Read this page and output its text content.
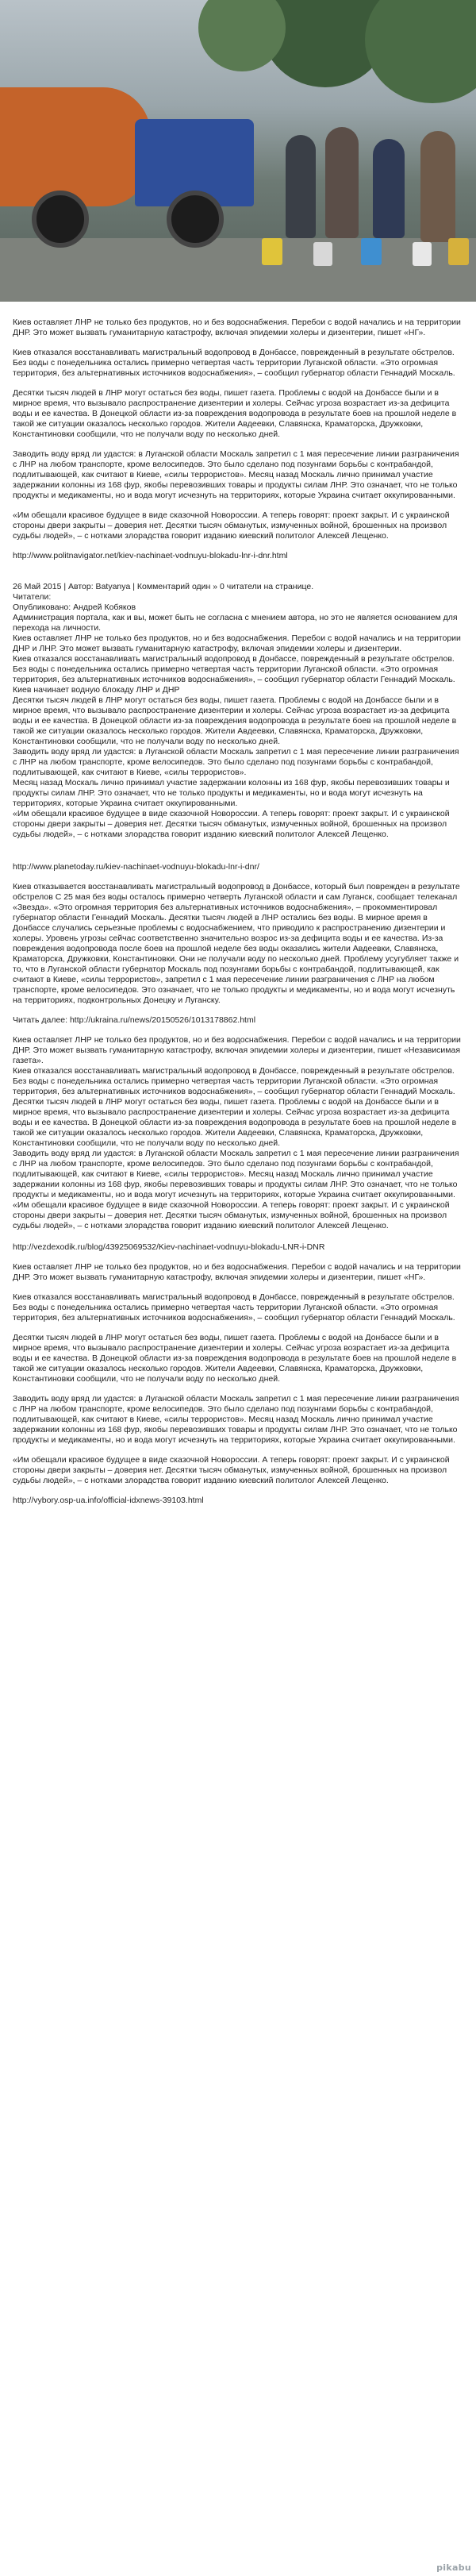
Киев оставляет ЛНР не только без продуктов, но и без водоснабжения. Перебои с водой начались и на территории ДНР. Это может вызвать гуманитарную катастрофу, включая эпидемии холеры и дизентерии, пишет «НГ».

Киев отказался восстанавливать магистральный водопровод в Донбассе, поврежденный в результате обстрелов. Без воды с понедельника остались примерно четвертая часть территории Луганской области. «Это огромная территория, без альтернативных источников водоснабжения», – сообщил губернатор области Геннадий Москаль.

Десятки тысяч людей в ЛНР могут остаться без воды, пишет газета. Проблемы с водой на Донбассе были и в мирное время, что вызывало распространение дизентерии и холеры. Сейчас угроза возрастает из-за дефицита воды и ее качества. В Донецкой области из-за повреждения водопровода в результате боев на прошлой неделе в такой же ситуации оказалось несколько городов. Жители Авдеевки, Славянска, Краматорска, Дружковки, Константиновки сообщили, что не получали воду по несколько дней.

Заводить воду вряд ли удастся: в Луганской области Москаль запретил с 1 мая пересечение линии разграничения с ЛНР на любом транспорте, кроме велосипедов. Это было сделано под позунгами борьбы с контрабандой, подлитывающей, как считают в Киеве, «силы террористов». Месяц назад Москаль лично принимал участие задержании колонны из 168 фур, якобы перевозивших товары и продукты силам ЛНР. Это означает, что не только продукты и медикаменты, но и вода могут исчезнуть на территориях, которые Украина считает оккупированными.

«Им обещали красивое будущее в виде сказочной Новороссии. А теперь говорят: проект закрыт. И с украинской стороны двери закрыты – доверия нет. Десятки тысяч обманутых, измученных войной, брошенных на произвол судьбы людей», – с нотками злорадства говорит изданию киевский политолог Алексей Лещенко.

http://www.politnavigator.net/kiev-nachinaet-vodnuyu-blokadu-lnr-i-dnr.html

26 Май 2015 | Автор: Batyanya | Комментарий один » 0 читатели на странице.

Читатели:

Опубликовано: Андрей Кобяков

Администрация портала, как и вы, может быть не согласна с мнением автора, но это не является основанием для перехода на личности.

Киев оставляет ЛНР не только без продуктов, но и без водоснабжения. Перебои с водой начались и на территории ДНР и ЛНР. Это может вызвать гуманитарную катастрофу, включая эпидемии холеры и дизентерии.

Киев отказался восстанавливать магистральный водопровод в Донбассе, поврежденный в результате обстрелов. Без воды с понедельника остались примерно четвертая часть территории Луганской области. «Это огромная территория, без альтернативных источников водоснабжения», – сообщил губернатор области Геннадий Москаль.

Киев начинает водную блокаду ЛНР и ДНР

Десятки тысяч людей в ЛНР могут остаться без воды, пишет газета. Проблемы с водой на Донбассе были и в мирное время, что вызывало распространение дизентерии и холеры. Сейчас угроза возрастает из-за дефицита воды и ее качества. В Донецкой области из-за повреждения водопровода в результате боев на прошлой неделе в такой же ситуации оказалось несколько городов. Жители Авдеевки, Славянска, Краматорска, Дружковки, Константиновки сообщили, что не получали воду по несколько дней.

Заводить воду вряд ли удастся: в Луганской области Москаль запретил с 1 мая пересечение линии разграничения с ЛНР на любом транспорте, кроме велосипедов. Это было сделано под позунгами борьбы с контрабандой, подлитывающей, как считают в Киеве, «силы террористов».

Месяц назад Москаль лично принимал участие задержании колонны из 168 фур, якобы перевозивших товары и продукты силам ЛНР. Это означает, что не только продукты и медикаменты, но и вода могут исчезнуть на территориях, которые Украина считает оккупированными.

«Им обещали красивое будущее в виде сказочной Новороссии. А теперь говорят: проект закрыт. И с украинской стороны двери закрыты – доверия нет. Десятки тысяч обманутых, измученных войной, брошенных на произвол судьбы людей», – с нотками злорадства говорит изданию киевский политолог Алексей Лещенко.

http://www.planetoday.ru/kiev-nachinaet-vodnuyu-blokadu-lnr-i-dnr/

Киев отказывается восстанавливать магистральный водопровод в Донбассе, который был поврежден в результате обстрелов С 25 мая без воды осталось примерно четверть Луганской области и сам Луганск, сообщает телеканал «Звезда». «Это огромная территория без альтернативных источников водоснабжения», – прокомментировал губернатор области Геннадий Москаль. Десятки тысяч людей в ЛНР остались без воды. В мирное время в Донбассе случались серьезные проблемы с водоснабжением, что приводило к распространению дизентерии и холеры. Уровень угрозы сейчас соответственно значительно возрос из-за дефицита воды и ее качества. Из-за повреждения водопровода после боев на прошлой неделе без воды оказались жители Авдеевки, Славянска, Краматорска, Дружковки, Константиновки. Они не получали воду по несколько дней. Проблему усугубляет также и то, что в Луганской области губернатор Москаль под позунгами борьбы с контрабандой, подлитывающей, как считают в Киеве, «силы террористов», запретил с 1 мая пересечение линии разграничения с ЛНР на любом транспорте, кроме велосипедов. Это означает, что не только продукты и медикаменты, но и вода могут исчезнуть на территориях, подконтрольных Донецку и Луганску.

Читать далее: http://ukraina.ru/news/20150526/1013178862.html

Киев оставляет ЛНР не только без продуктов, но и без водоснабжения. Перебои с водой начались и на территории ДНР. Это может вызвать гуманитарную катастрофу, включая эпидемии холеры и дизентерии, пишет «Независимая газета».

Киев отказался восстанавливать магистральный водопровод в Донбассе, поврежденный в результате обстрелов. Без воды с понедельника остались примерно четвертая часть территории Луганской области. «Это огромная территория, без альтернативных источников водоснабжения», – сообщил губернатор области Геннадий Москаль.

Десятки тысяч людей в ЛНР могут остаться без воды, пишет газета. Проблемы с водой на Донбассе были и в мирное время, что вызывало распространение дизентерии и холеры. Сейчас угроза возрастает из-за дефицита воды и ее качества. В Донецкой области из-за повреждения водопровода в результате боев на прошлой неделе в такой же ситуации оказалось несколько городов. Жители Авдеевки, Славянска, Краматорска, Дружковки, Константиновки сообщили, что не получали воду по несколько дней.

Заводить воду вряд ли удастся: в Луганской области Москаль запретил с 1 мая пересечение линии разграничения с ЛНР на любом транспорте, кроме велосипедов. Это было сделано под позунгами борьбы с контрабандой, подлитывающей, как считают в Киеве, «силы террористов». Месяц назад Москаль лично принимал участие задержании колонны из 168 фур, якобы перевозивших товары и продукты силам ЛНР. Это означает, что не только продукты и медикаменты, но и вода могут исчезнуть на территориях, которые Украина считает оккупированными.

«Им обещали красивое будущее в виде сказочной Новороссии. А теперь говорят: проект закрыт. И с украинской стороны двери закрыты – доверия нет. Десятки тысяч обманутых, измученных войной, брошенных на произвол судьбы людей», – с нотками злорадства говорит изданию киевский политолог Алексей Лещенко.

http://vezdexodik.ru/blog/43925069532/Kiev-nachinaet-vodnuyu-blokadu-LNR-i-DNR

Киев оставляет ЛНР не только без продуктов, но и без водоснабжения. Перебои с водой начались и на территории ДНР. Это может вызвать гуманитарную катастрофу, включая эпидемии холеры и дизентерии, пишет «НГ».

Киев отказался восстанавливать магистральный водопровод в Донбассе, поврежденный в результате обстрелов. Без воды с понедельника остались примерно четвертая часть территории Луганской области. «Это огромная территория, без альтернативных источников водоснабжения», – сообщил губернатор области Геннадий Москаль.

Десятки тысяч людей в ЛНР могут остаться без воды, пишет газета. Проблемы с водой на Донбассе были и в мирное время, что вызывало распространение дизентерии и холеры. Сейчас угроза возрастает из-за дефицита воды и ее качества. В Донецкой области из-за повреждения водопровода в результате боев на прошлой неделе в такой же ситуации оказалось несколько городов. Жители Авдеевки, Славянска, Краматорска, Дружковки, Константиновки сообщили, что не получали воду по несколько дней.

Заводить воду вряд ли удастся: в Луганской области Москаль запретил с 1 мая пересечение линии разграничения с ЛНР на любом транспорте, кроме велосипедов. Это было сделано под позунгами борьбы с контрабандой, подлитывающей, как считают в Киеве, «силы террористов». Месяц назад Москаль лично принимал участие задержании колонны из 168 фур, якобы перевозивших товары и продукты силам ЛНР. Это означает, что не только продукты и медикаменты, но и вода могут исчезнуть на территориях, которые Украина считает оккупированными.

«Им обещали красивое будущее в виде сказочной Новороссии. А теперь говорят: проект закрыт. И с украинской стороны двери закрыты – доверия нет. Десятки тысяч обманутых, измученных войной, брошенных на произвол судьбы людей», – с нотками злорадства говорит изданию киевский политолог Алексей Лещенко.

http://vybory.osp-ua.info/official-idxnews-39103.html

pikabu
